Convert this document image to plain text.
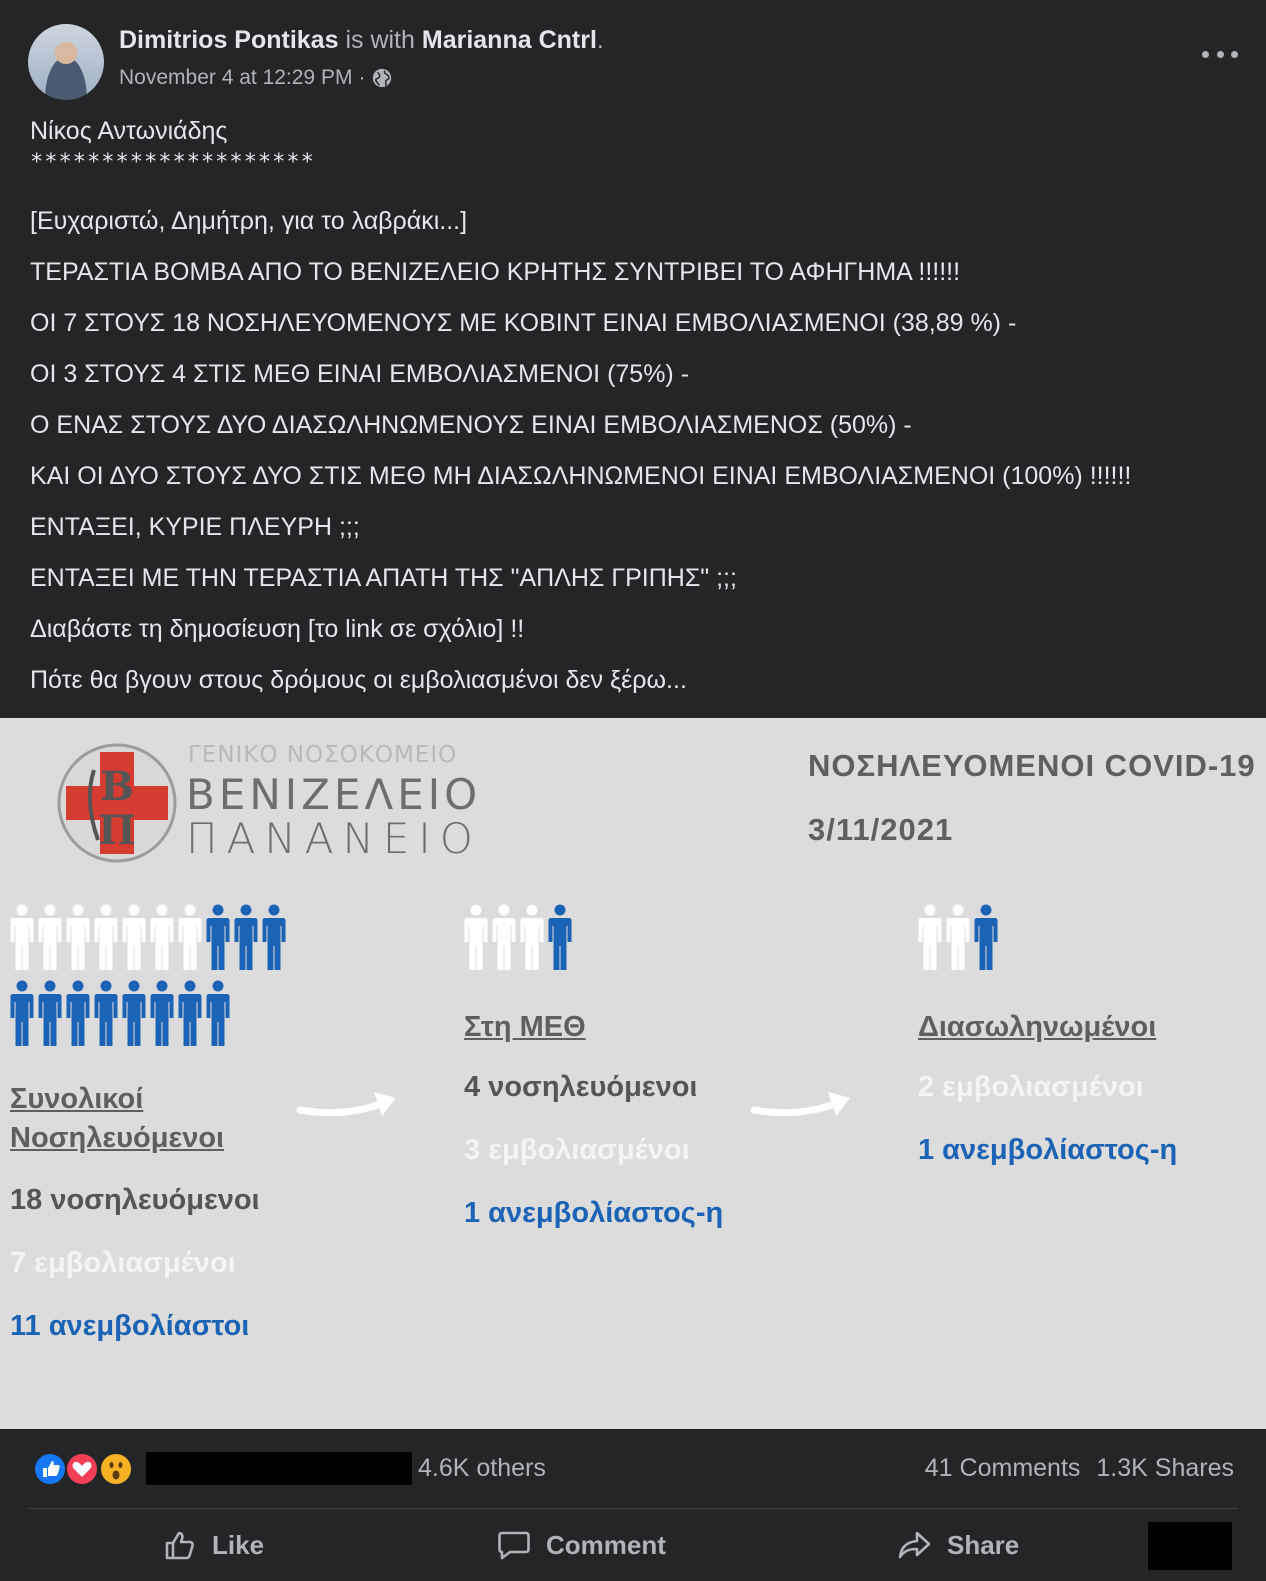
Dimitrios Pontikas is with Marianna Cntrl.
November 4 at 12:29 PM ·
Νίκος Αντωνιάδης
********************
[Ευχαριστώ, Δημήτρη, για το λαβράκι...]
ΤΕΡΑΣΤΙΑ ΒΟΜΒΑ ΑΠΟ ΤΟ ΒΕΝΙΖΕΛΕΙΟ ΚΡΗΤΗΣ ΣΥΝΤΡΙΒΕΙ ΤΟ ΑΦΗΓΗΜΑ !!!!!!
ΟΙ 7 ΣΤΟΥΣ 18 ΝΟΣΗΛΕΥΟΜΕΝΟΥΣ ΜΕ ΚΟΒΙΝΤ ΕΙΝΑΙ ΕΜΒΟΛΙΑΣΜΕΝΟΙ (38,89 %) -
ΟΙ 3 ΣΤΟΥΣ 4 ΣΤΙΣ ΜΕΘ ΕΙΝΑΙ ΕΜΒΟΛΙΑΣΜΕΝΟΙ (75%) -
Ο ΕΝΑΣ ΣΤΟΥΣ ΔΥΟ ΔΙΑΣΩΛΗΝΩΜΕΝΟΥΣ ΕΙΝΑΙ ΕΜΒΟΛΙΑΣΜΕΝΟΣ (50%) -
ΚΑΙ ΟΙ ΔΥΟ ΣΤΟΥΣ ΔΥΟ ΣΤΙΣ ΜΕΘ ΜΗ ΔΙΑΣΩΛΗΝΩΜΕΝΟΙ ΕΙΝΑΙ ΕΜΒΟΛΙΑΣΜΕΝΟΙ (100%) !!!!!!
ΕΝΤΑΞΕΙ, ΚΥΡΙΕ ΠΛΕΥΡΗ ;;;
ΕΝΤΑΞΕΙ ΜΕ ΤΗΝ ΤΕΡΑΣΤΙΑ ΑΠΑΤΗ ΤΗΣ "ΑΠΛΗΣ ΓΡΙΠΗΣ" ;;;
Διαβάστε τη δημοσίευση [το link σε σχόλιο] !!
Πότε θα βγουν στους δρόμους οι εμβολιασμένοι δεν ξέρω...
Β
Π
ΓΕΝΙΚΟ ΝΟΣΟΚΟΜΕΙΟ
ΒΕΝΙΖΕΛΕΙΟ
ΠΑΝΑΝΕΙΟ
ΝΟΣΗΛΕΥΟΜΕΝΟΙ COVID-19
3/11/2021
Συνολικοί
Νοσηλευόμενοι
18 νοσηλευόμενοι
7 εμβολιασμένοι
11 ανεμβολίαστοι
Στη ΜΕΘ
4 νοσηλευόμενοι
3 εμβολιασμένοι
1 ανεμβολίαστος-η
Διασωληνωμένοι
2 εμβολιασμένοι
1 ανεμβολίαστος-η
4.6K others	41 Comments 1.3K Shares
Like	Comment	Share
